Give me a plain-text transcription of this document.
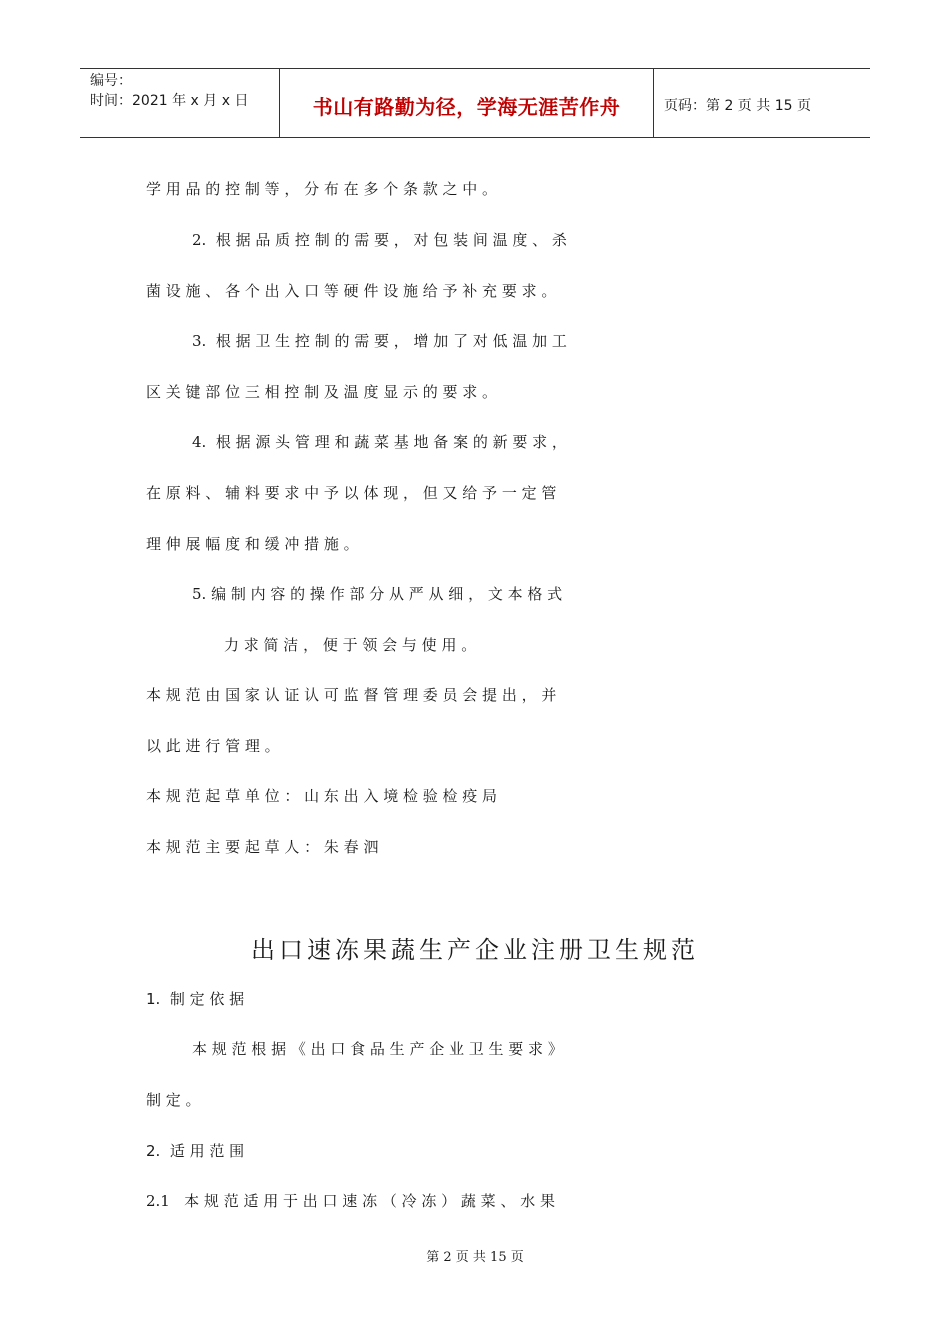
编号：
时间：2021 年 x 月 x 日	书山有路勤为径，学海无涯苦作舟	页码：第 2 页 共 15 页
学 用 品 的 控 制 等 ， 分 布 在 多 个 条 款 之 中 。
2.  根 据 品 质 控 制 的 需 要 ， 对 包 装 间 温 度 、 杀
菌 设 施 、 各 个 出 入 口 等 硬 件 设 施 给 予 补 充 要 求 。
3.  根 据 卫 生 控 制 的 需 要 ， 增 加 了 对 低 温 加 工
区 关 键 部 位 三 相 控 制 及 温 度 显 示 的 要 求 。
4.  根 据 源 头 管 理 和 蔬 菜 基 地 备 案 的 新 要 求 ，
在 原 料 、 辅 料 要 求 中 予 以 体 现 ， 但 又 给 予 一 定 管
理 伸 展 幅 度 和 缓 冲 措 施 。
5. 编 制 内 容 的 操 作 部 分 从 严 从 细 ， 文 本 格 式
力 求 简 洁 ， 便 于 领 会 与 使 用 。
本 规 范 由 国 家 认 证 认 可 监 督 管 理 委 员 会 提 出 ， 并
以 此 进 行 管 理 。
本 规 范 起 草 单 位 ： 山 东 出 入 境 检 验 检 疫 局
本 规 范 主 要 起 草 人 ： 朱 春 泗
出口速冻果蔬生产企业注册卫生规范
1.  制 定 依 据
本 规 范 根 据 《 出 口 食 品 生 产 企 业 卫 生 要 求 》
制 定 。
2.  适 用 范 围
2.1   本 规 范 适 用 于 出 口 速 冻 （ 冷 冻 ） 蔬 菜 、 水 果
第 2 页 共 15 页
